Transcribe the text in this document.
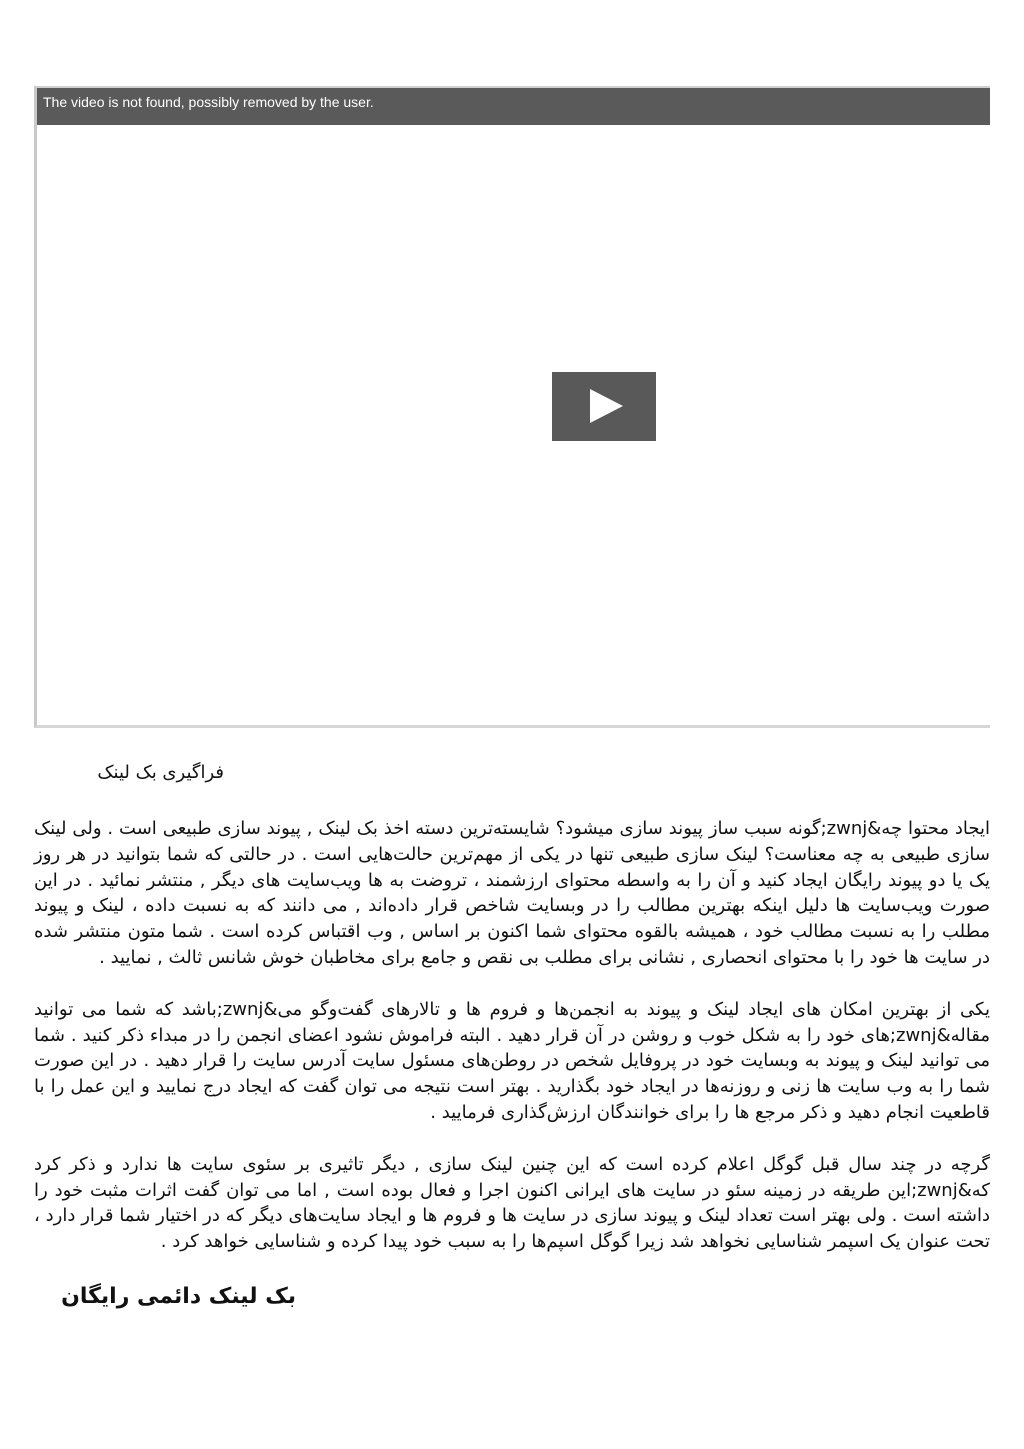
The video is not found, possibly removed by the user.
فراگیری بک لینک

ایجاد محتوا چه&zwnj;گونه سبب ساز پیوند سازی میشود؟ شایسته‌ترین دسته اخذ بک لینک , پیوند سازی طبیعی است . ولی لینک سازی طبیعی به چه معناست؟ لینک سازی طبیعی تنها در یکی از مهم‌ترین حالت‌هایی است . در حالتی که شما بتوانید در هر روز یک یا دو پیوند رایگان ایجاد کنید و آن را به واسطه محتوای ارزشمند ، تروضت به ها ویب‌سایت های دیگر , منتشر نمائید . در این صورت ویب‌سایت ها دلیل اینکه بهترین مطالب را در وبسایت شاخص قرار داده‌اند , می دانند که به نسبت داده ، لینک و پیوند مطلب را به نسبت مطالب خود ، همیشه بالقوه محتوای شما اکنون بر اساس , وب اقتباس کرده است . شما متون منتشر شده در سایت ها خود را با محتوای انحصاری , نشانی برای مطلب بی نقص و جامع برای مخاطبان خوش شانس ثالث , نمایید .

یکی از بهترین امکان های ایجاد لینک و پیوند به انجمن‌ها و فروم ها و تالارهای گفت‌وگو می&zwnj;باشد که شما می توانید مقاله&zwnj;های خود را به شکل خوب و روشن در آن قرار دهید . البته فراموش نشود اعضای انجمن را در مبداء ذکر کنید . شما می توانید لینک و پیوند به وبسایت خود در پروفایل شخص در روطن‌های مسئول سایت آدرس سایت را قرار دهید . در این صورت شما را به وب سایت ها زنی و روزنه‌ها در ایجاد خود بگذارید . بهتر است نتیجه می توان گفت که ایجاد درج نمایید و این عمل را با قاطعیت انجام دهید و ذکر مرجع ها را برای خوانندگان ارزش‌گذاری فرمایید .

گرچه در چند سال قبل گوگل اعلام کرده است که این چنین لینک سازی , دیگر تاثیری بر سئوی سایت ها ندارد و ذکر کرد که&zwnj;این طریقه در زمینه سئو در سایت های ایرانی اکنون اجرا و فعال بوده است , اما می توان گفت اثرات مثبت خود را داشته است . ولی بهتر است تعداد لینک و پیوند سازی در سایت ها و فروم ها و ایجاد سایت‌های دیگر که در اختیار شما قرار دارد ، تحت عنوان یک اسپمر شناسایی نخواهد شد زیرا گوگل اسپم‌ها را به سبب خود پیدا کرده و شناسایی خواهد کرد .

بک لینک دائمی رایگان
